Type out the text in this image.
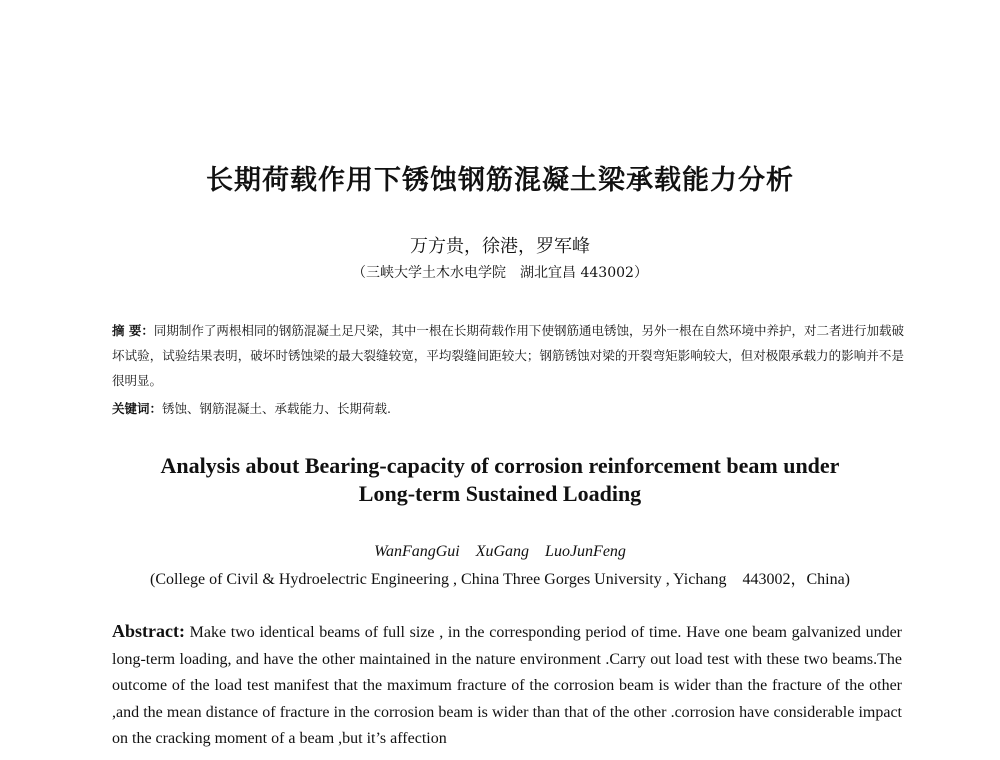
长期荷载作用下锈蚀钢筋混凝土梁承载能力分析
万方贵，徐港，罗军峰
（三峡大学土木水电学院　湖北宜昌 443002）
摘 要：同期制作了两根相同的钢筋混凝土足尺梁，其中一根在长期荷载作用下使钢筋通电锈蚀，另外一根在自然环境中养护，对二者进行加载破坏试验，试验结果表明，破坏时锈蚀梁的最大裂缝较宽，平均裂缝间距较大；钢筋锈蚀对梁的开裂弯矩影响较大，但对极限承载力的影响并不是很明显。
关键词：锈蚀、钢筋混凝土、承载能力、长期荷载.
Analysis about Bearing-capacity of corrosion reinforcement beam under
Long-term Sustained Loading
WanFangGui　XuGang　LuoJunFeng
(College of Civil & Hydroelectric Engineering , China Three Gorges University , Yichang　443002，China)
Abstract: Make two identical beams of full size , in the corresponding period of time. Have one beam galvanized under long-term loading, and have the other maintained in the nature environment .Carry out load test with these two beams.The outcome of the load test manifest that the maximum fracture of the corrosion beam is wider than the fracture of the other ,and the mean distance of fracture in the corrosion beam is wider than that of the other .corrosion have considerable impact on the cracking moment of a beam ,but it’s affection
